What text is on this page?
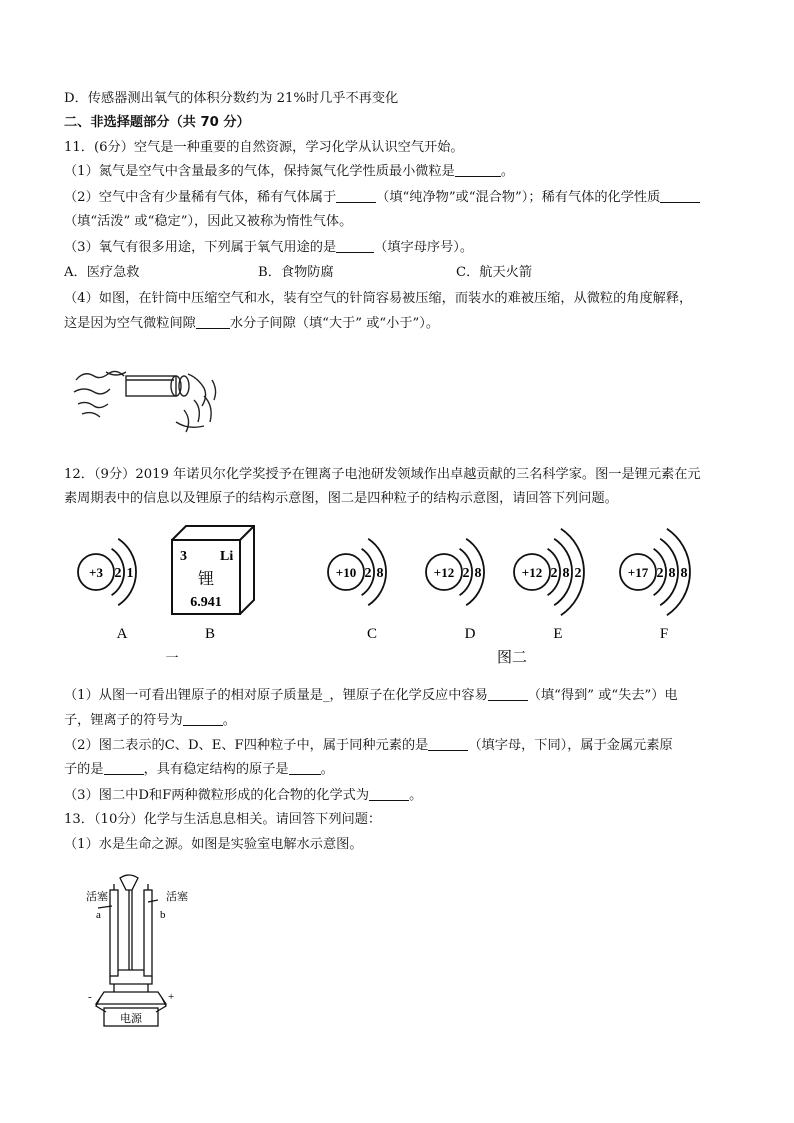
D．传感器测出氧气的体积分数约为 21%时几乎不再变化
二、非选择题部分（共 70 分）
11．(6分）空气是一种重要的自然资源，学习化学从认识空气开始。
（1）氮气是空气中含量最多的气体，保持氮气化学性质最小微粒是	。
（2）空气中含有少量稀有气体，稀有气体属于	（填“纯净物”或“混合物”）；稀有气体的化学性质
（填“活泼” 或“稳定”），因此又被称为惰性气体。
（3）氧气有很多用途，下列属于氧气用途的是	（填字母序号）。
A．医疗急救	B．食物防腐	C．航天火箭
（4）如图，在针筒中压缩空气和水，装有空气的针筒容易被压缩，而装水的难被压缩，从微粒的角度解释，
这是因为空气微粒间隙	水分子间隙（填“大于” 或“小于”）。
12．（9分）2019 年诺贝尔化学奖授予在锂离子电池研发领域作出卓越贡献的三名科学家。图一是锂元素在元
素周期表中的信息以及锂原子的结构示意图，图二是四种粒子的结构示意图，请回答下列问题。
+3 2 1
A
+10 2 8
C
+12 2 8
D
+12 2 8 2
E
+17 2 8 8
F
3 Li
锂
6.941
B
一	图二
（1）从图一可看出锂原子的相对原子质量是_，锂原子在化学反应中容易	（填“得到” 或“失去”）电
子，锂离子的符号为	。
（2）图二表示的C、D、E、F四种粒子中，属于同种元素的是	（填字母，下同），属于金属元素原
子的是	，具有稳定结构的原子是 。
（3）图二中D和F两种微粒形成的化合物的化学式为	。
13．（10分）化学与生活息息相关。请回答下列问题：
（1）水是生命之源。如图是实验室电解水示意图。
活塞	活塞
a	b
-	+
电源
